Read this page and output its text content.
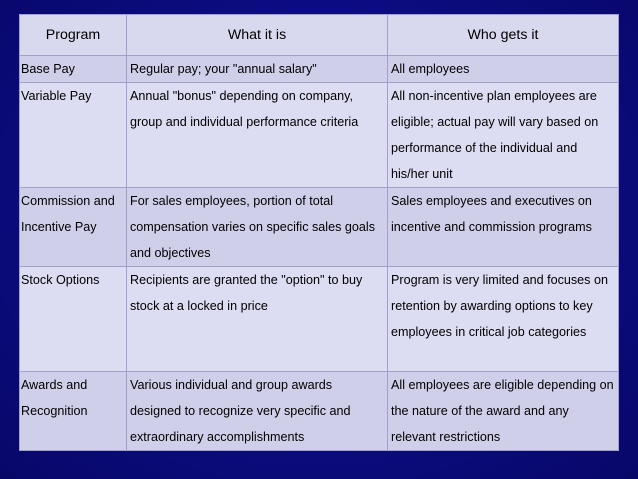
Program	What it is	Who gets it
Base Pay	Regular pay; your "annual salary"	All employees
Variable Pay	Annual "bonus" depending on company, group and individual performance criteria	All non-incentive plan employees are eligible; actual pay will vary based on performance of the individual and his/her unit
Commission and Incentive Pay	For sales employees, portion of total compensation varies on specific sales goals and objectives	Sales employees and executives on incentive and commission programs
Stock Options	Recipients are granted the "option" to buy stock at a locked in price	Program is very limited and focuses on retention by awarding options to key employees in critical job categories
Awards and Recognition	Various individual and group awards designed to recognize very specific and extraordinary accomplishments	All employees are eligible depending on the nature of the award and any relevant restrictions
